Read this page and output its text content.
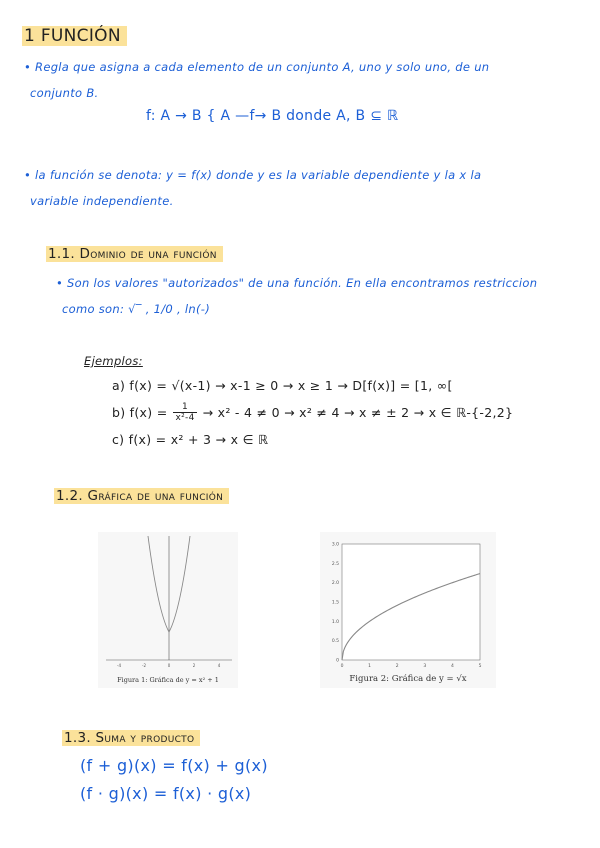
1 FUNCIÓN
• Regla que asigna a cada elemento de un conjunto A, uno y solo uno, de un
conjunto B.
f: A → B { A —f→ B donde A, B ⊆ ℝ
• la función se denota: y = f(x) donde y es la variable dependiente y la x la
variable independiente.
1.1. Dominio de una función
• Son los valores "autorizados" de una función. En ella encontramos restriccion
como son: √‾ , 1/0 , ln(-)
Ejemplos:
a) f(x) = √(x-1) → x-1 ≥ 0 → x ≥ 1 → D[f(x)] = [1, ∞[
b) $f(x) = \frac{1}{\text{x²-4}} \to x^2 - 4 \ne 0 \to x^2 \ne 4 \to x$ ≠ ± 2 → x ∈ ℝ-{-2,2}
c) f(x) = x² + 3 → x ∈ ℝ
1.2. Gráfica de una función
-4	-2	0	2	4
Figura 1: Gráfica de y = x² + 1
0	1	2	3	4	5
0
0.5
1.0
1.5
2.0
2.5
3.0
Figura 2: Gráfica de y = √x
1.3. Suma y producto
(f + g)(x) = f(x) + g(x)
(f · g)(x) = f(x) · g(x)
